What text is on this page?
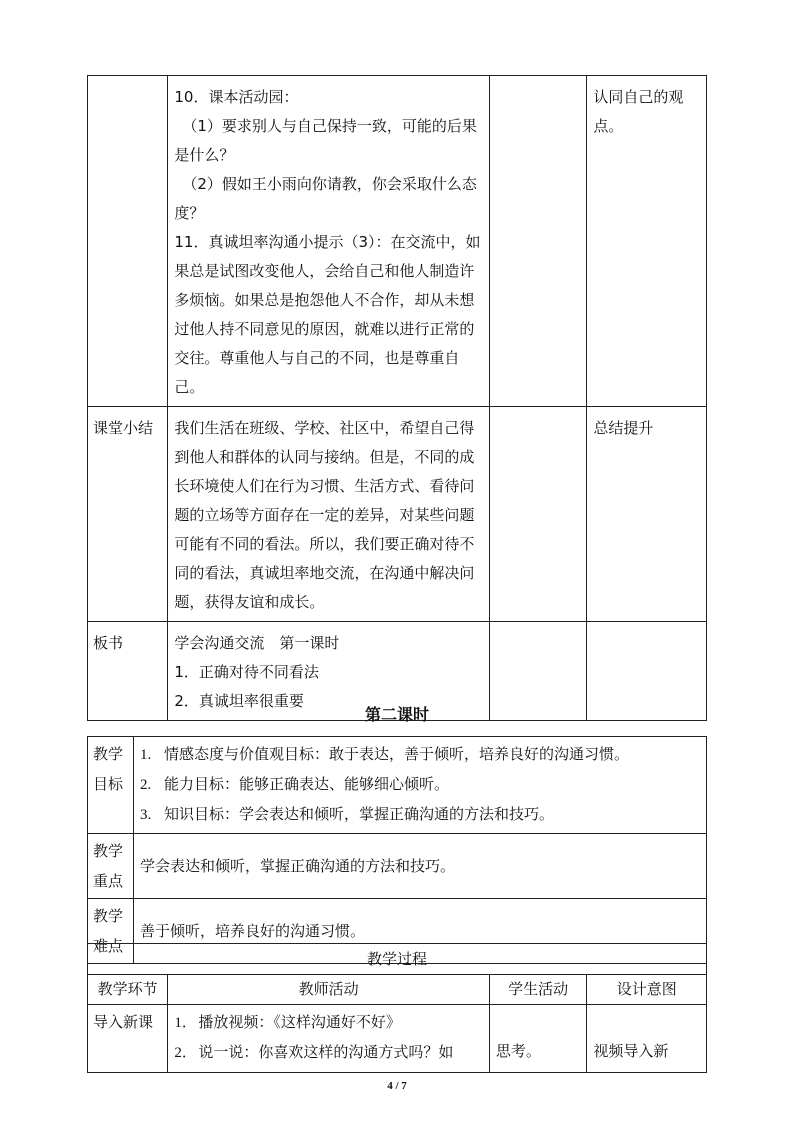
	10．课本活动园：
（1）要求别人与自己保持一致，可能的后果是什么？
（2）假如王小雨向你请教，你会采取什么态度？
11．真诚坦率沟通小提示（3）：在交流中，如果总是试图改变他人，会给自己和他人制造许多烦恼。如果总是抱怨他人不合作，却从未想过他人持不同意见的原因，就难以进行正常的交往。尊重他人与自己的不同，也是尊重自己。		认同自己的观点。

课堂小结	我们生活在班级、学校、社区中，希望自己得到他人和群体的认同与接纳。但是，不同的成长环境使人们在行为习惯、生活方式、看待问题的立场等方面存在一定的差异，对某些问题可能有不同的看法。所以，我们要正确对待不同的看法，真诚坦率地交流，在沟通中解决问题，获得友谊和成长。		总结提升

板书	学会沟通交流　第一课时
1．正确对待不同看法
2．真诚坦率很重要		

第二课时
教学目标	1. 情感态度与价值观目标：敢于表达，善于倾听，培养良好的沟通习惯。
2. 能力目标：能够正确表达、能够细心倾听。
3. 知识目标：学会表达和倾听，掌握正确沟通的方法和技巧。

教学重点	学会表达和倾听，掌握正确沟通的方法和技巧。
教学难点	善于倾听，培养良好的沟通习惯。
教学过程			
教学环节	教师活动	学生活动	设计意图

导入新课	1．播放视频：《这样沟通好不好》
2．说一说：你喜欢这样的沟通方式吗？如	思考。	视频导入新
4 / 7
